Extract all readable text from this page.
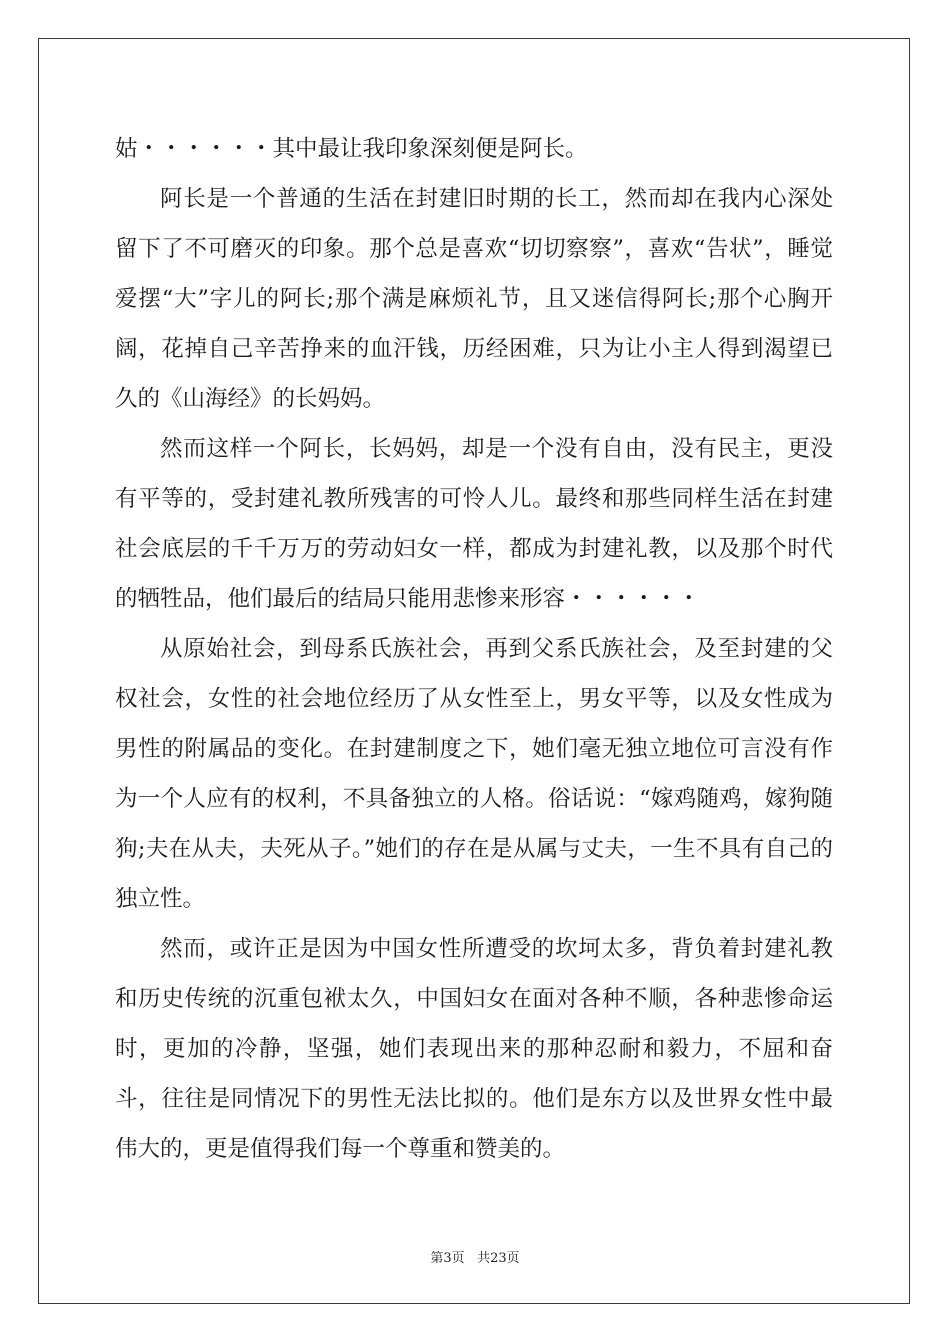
姑・・・・・・其中最让我印象深刻便是阿长。

阿长是一个普通的生活在封建旧时期的长工，然而却在我内心深处留下了不可磨灭的印象。那个总是喜欢“切切察察”，喜欢“告状”，睡觉爱摆“大”字儿的阿长;那个满是麻烦礼节，且又迷信得阿长;那个心胸开阔，花掉自己辛苦挣来的血汗钱，历经困难，只为让小主人得到渴望已久的《山海经》的长妈妈。

然而这样一个阿长，长妈妈，却是一个没有自由，没有民主，更没有平等的，受封建礼教所残害的可怜人儿。最终和那些同样生活在封建社会底层的千千万万的劳动妇女一样，都成为封建礼教，以及那个时代的牺牲品，他们最后的结局只能用悲惨来形容・・・・・・

从原始社会，到母系氏族社会，再到父系氏族社会，及至封建的父权社会，女性的社会地位经历了从女性至上，男女平等，以及女性成为男性的附属品的变化。在封建制度之下，她们毫无独立地位可言没有作为一个人应有的权利，不具备独立的人格。俗话说：“嫁鸡随鸡，嫁狗随狗;夫在从夫，夫死从子。”她们的存在是从属与丈夫，一生不具有自己的独立性。

然而，或许正是因为中国女性所遭受的坎坷太多，背负着封建礼教和历史传统的沉重包袱太久，中国妇女在面对各种不顺，各种悲惨命运时，更加的冷静，坚强，她们表现出来的那种忍耐和毅力，不屈和奋斗，往往是同情况下的男性无法比拟的。他们是东方以及世界女性中最伟大的，更是值得我们每一个尊重和赞美的。

第3页 共23页
